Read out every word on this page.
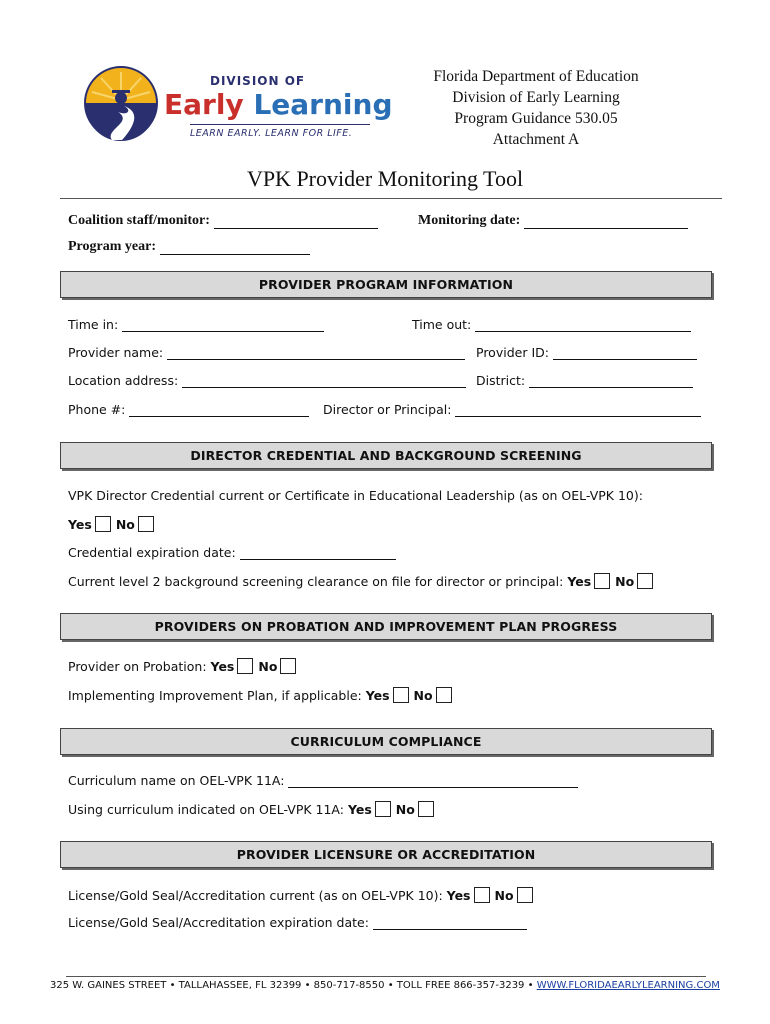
DIVISION OF
Early Learning
LEARN EARLY. LEARN FOR LIFE.
Florida Department of Education
Division of Early Learning
Program Guidance 530.05
Attachment A
VPK Provider Monitoring Tool
Coalition staff/monitor:	Monitoring date:
Program year:
PROVIDER PROGRAM INFORMATION
Time in:	Time out:
Provider name:	Provider ID:
Location address:	District:
Phone #:	Director or Principal:
DIRECTOR CREDENTIAL AND BACKGROUND SCREENING
VPK Director Credential current or Certificate in Educational Leadership (as on OEL-VPK 10):
Yes No
Credential expiration date:
Current level 2 background screening clearance on file for director or principal: Yes No
PROVIDERS ON PROBATION AND IMPROVEMENT PLAN PROGRESS
Provider on Probation: Yes No
Implementing Improvement Plan, if applicable: Yes No
CURRICULUM COMPLIANCE
Curriculum name on OEL-VPK 11A:
Using curriculum indicated on OEL-VPK 11A: Yes No
PROVIDER LICENSURE OR ACCREDITATION
License/Gold Seal/Accreditation current (as on OEL-VPK 10): Yes No
License/Gold Seal/Accreditation expiration date:
325 W. GAINES STREET • TALLAHASSEE, FL 32399 • 850-717-8550 • TOLL FREE 866-357-3239 • WWW.FLORIDAEARLYLEARNING.COM
